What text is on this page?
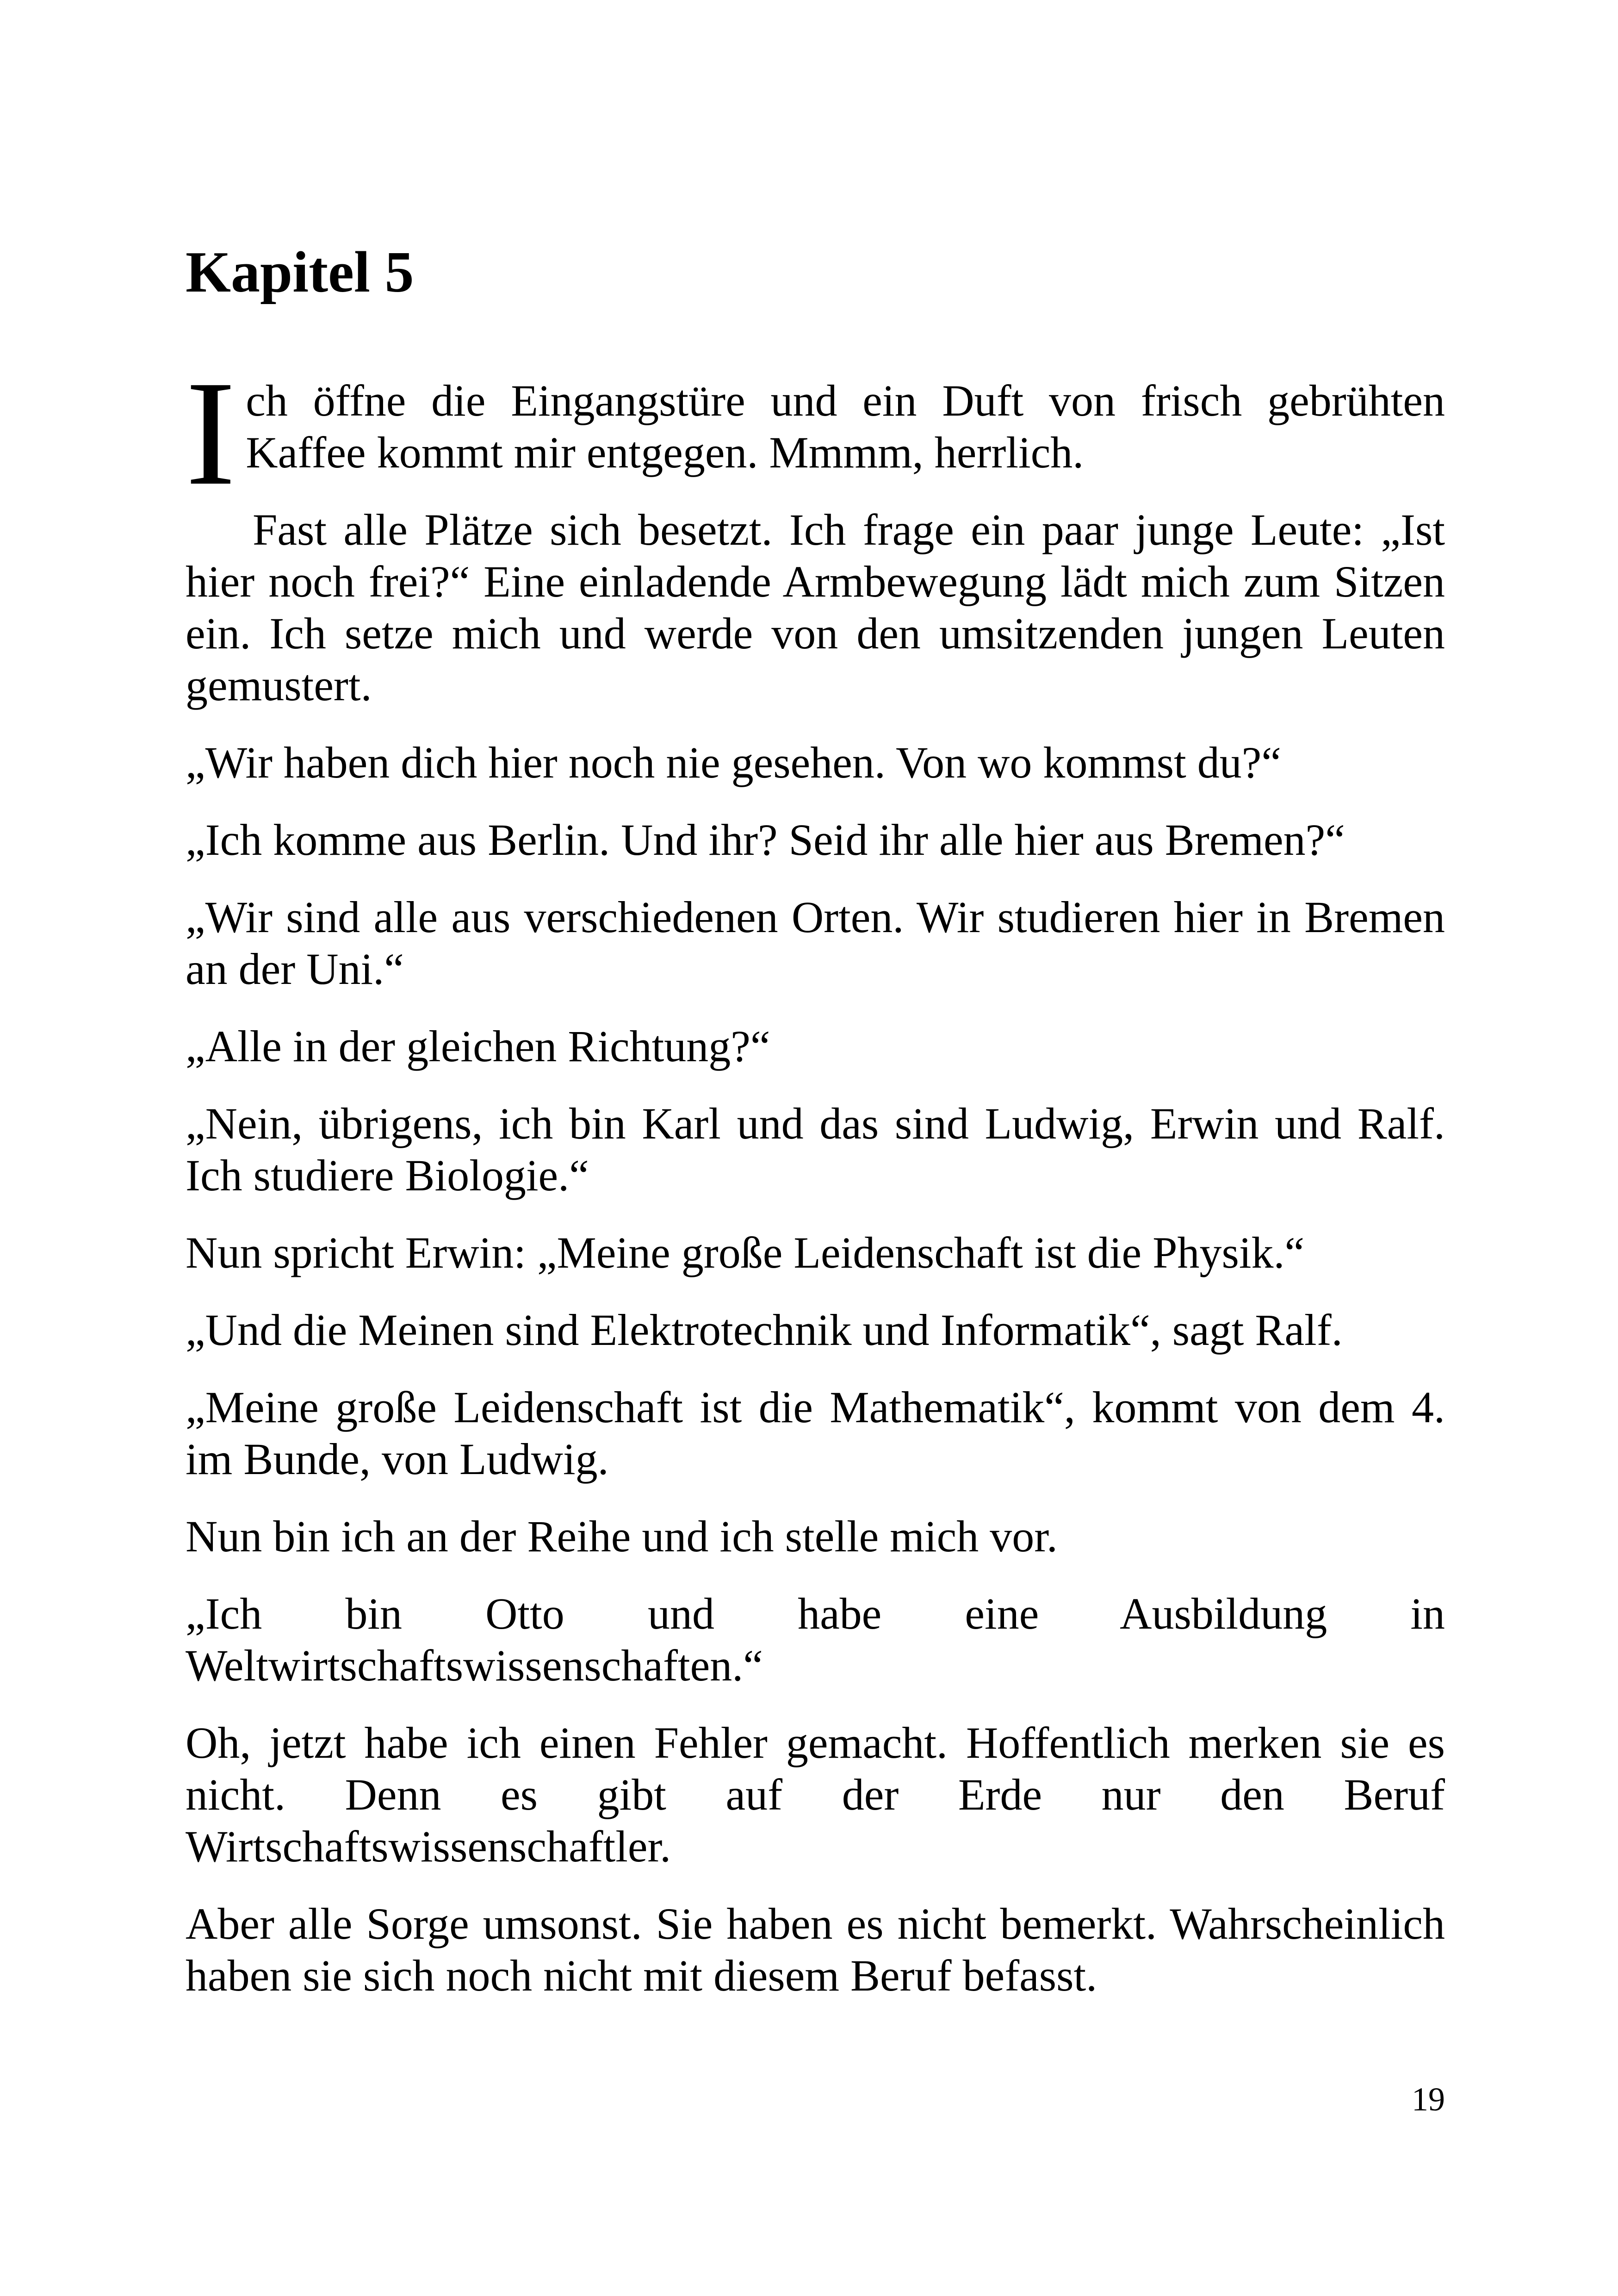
Kapitel 5

Ich öffne die Eingangstüre und ein Duft von frisch gebrühten Kaffee kommt mir entgegen. Mmmm, herrlich.

Fast alle Plätze sich besetzt. Ich frage ein paar junge Leute: „Ist hier noch frei?“ Eine einladende Armbewegung lädt mich zum Sitzen ein. Ich setze mich und werde von den umsitzenden jungen Leuten gemustert.

„Wir haben dich hier noch nie gesehen. Von wo kommst du?“

„Ich komme aus Berlin. Und ihr? Seid ihr alle hier aus Bremen?“

„Wir sind alle aus verschiedenen Orten. Wir studieren hier in Bremen an der Uni.“

„Alle in der gleichen Richtung?“

„Nein, übrigens, ich bin Karl und das sind Ludwig, Erwin und Ralf. Ich studiere Biologie.“

Nun spricht Erwin: „Meine große Leidenschaft ist die Physik.“

„Und die Meinen sind Elektrotechnik und Informatik“, sagt Ralf.

„Meine große Leidenschaft ist die Mathematik“, kommt von dem 4. im Bunde, von Ludwig.

Nun bin ich an der Reihe und ich stelle mich vor.

„Ich bin Otto und habe eine Ausbildung in Weltwirtschaftswissenschaften.“

Oh, jetzt habe ich einen Fehler gemacht. Hoffentlich merken sie es nicht. Denn es gibt auf der Erde nur den Beruf Wirtschaftswissenschaftler.

Aber alle Sorge umsonst. Sie haben es nicht bemerkt. Wahrscheinlich haben sie sich noch nicht mit diesem Beruf befasst.

19
